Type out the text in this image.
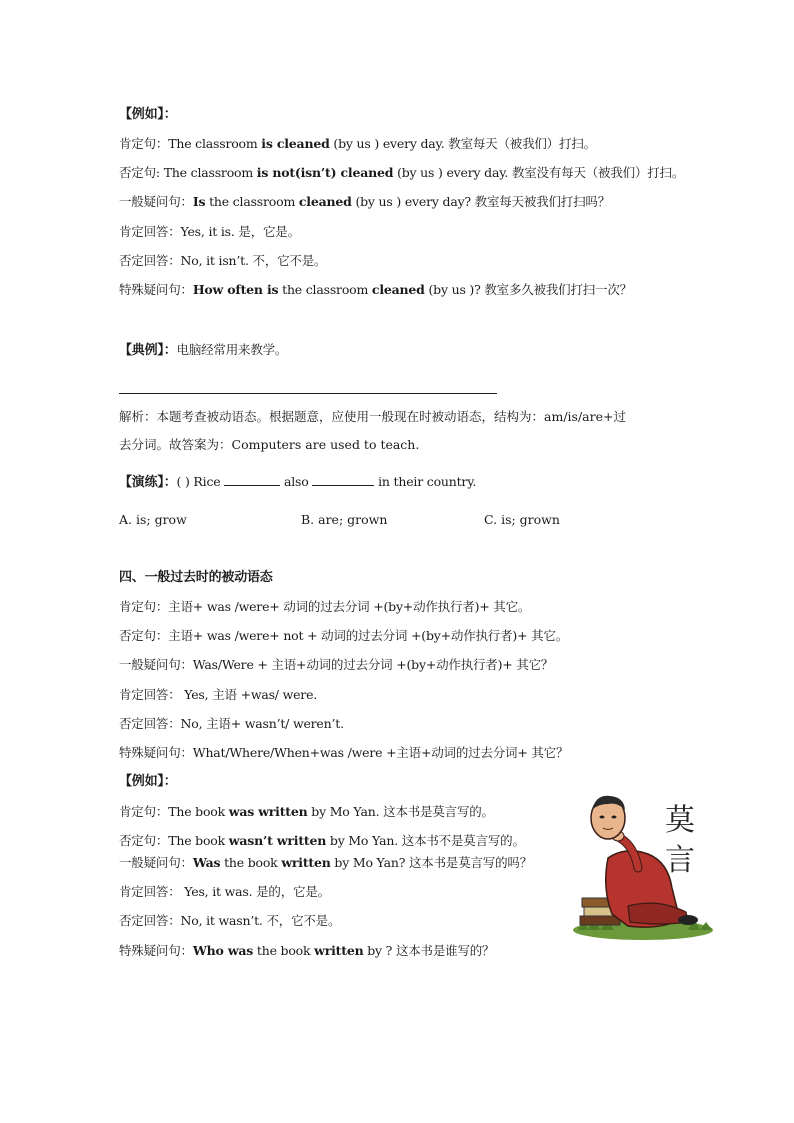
【例如】：
肯定句：The classroom is cleaned (by us ) every day. 教室每天（被我们）打扫。
否定句: The classroom is not(isn’t) cleaned (by us ) every day. 教室没有每天（被我们）打扫。
一般疑问句：Is the classroom cleaned (by us ) every day? 教室每天被我们打扫吗？
肯定回答：Yes, it is. 是，它是。
否定回答：No, it isn’t. 不，它不是。
特殊疑问句：How often is the classroom cleaned (by us )? 教室多久被我们打扫一次？
【典例】：电脑经常用来教学。
解析：本题考查被动语态。根据题意，应使用一般现在时被动语态，结构为：am/is/are+过
去分词。故答案为：Computers are used to teach.
【演练】：( ) Rice	also	in their country.
A. is; grow	B. are; grown	C. is; grown
四、一般过去时的被动语态
肯定句：主语+ was /were+ 动词的过去分词 +(by+动作执行者)+ 其它。
否定句：主语+ was /were+ not + 动词的过去分词 +(by+动作执行者)+ 其它。
一般疑问句：Was/Were + 主语+动词的过去分词 +(by+动作执行者)+ 其它？
肯定回答： Yes, 主语 +was/ were.
否定回答：No, 主语+ wasn’t/ weren’t.
特殊疑问句：What/Where/When+was /were +主语+动词的过去分词+ 其它？
【例如】：
肯定句：The book was written by Mo Yan. 这本书是莫言写的。
否定句：The book wasn’t written by Mo Yan. 这本书不是莫言写的。
一般疑问句：Was the book written by Mo Yan? 这本书是莫言写的吗？
肯定回答： Yes, it was. 是的，它是。
否定回答：No, it wasn’t. 不，它不是。
特殊疑问句：Who was the book written by ? 这本书是谁写的？
莫
言
